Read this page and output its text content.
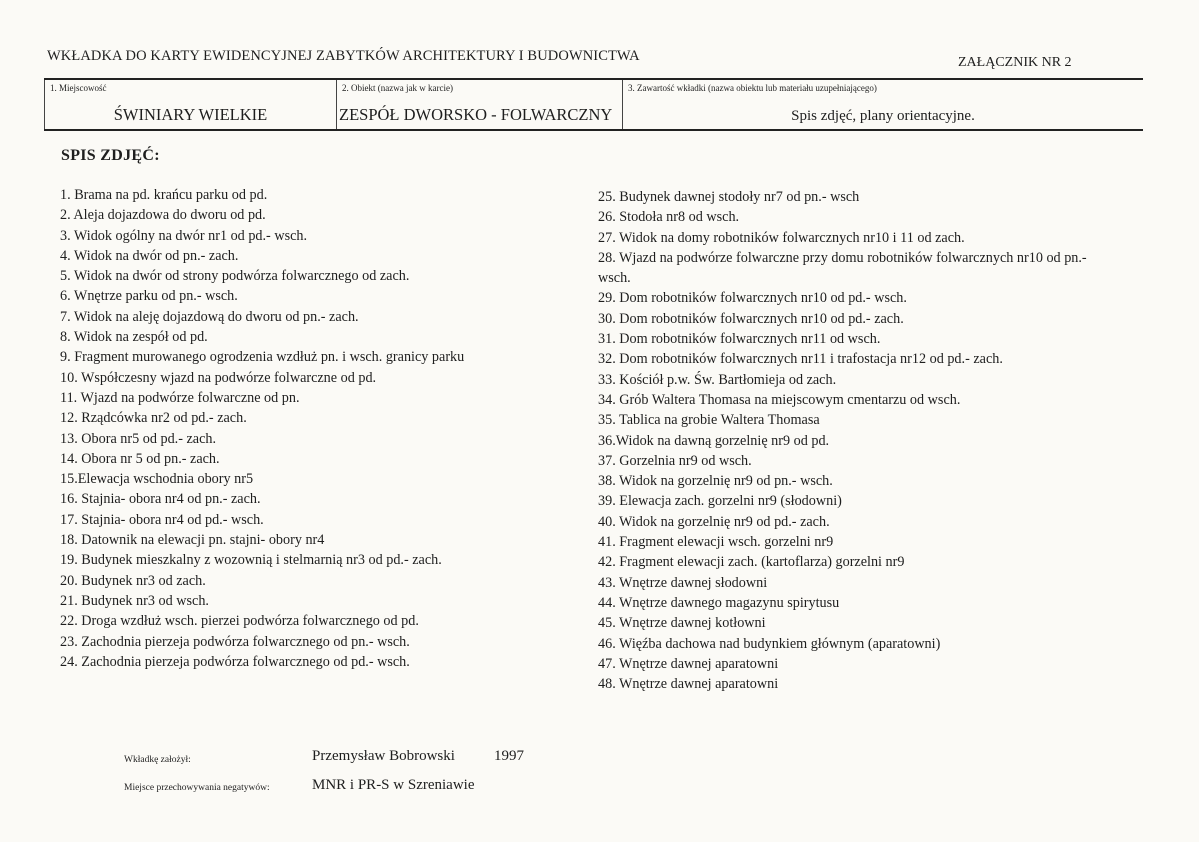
WKŁADKA DO KARTY EWIDENCYJNEJ ZABYTKÓW ARCHITEKTURY I BUDOWNICTWA	ZAŁĄCZNIK NR 2
1. Miejscowość
ŚWINIARY WIELKIE
2. Obiekt (nazwa jak w karcie)
ZESPÓŁ DWORSKO - FOLWARCZNY
3. Zawartość wkładki (nazwa obiektu lub materiału uzupełniającego)
Spis zdjęć, plany orientacyjne.
SPIS ZDJĘĆ:
1. Brama na pd. krańcu parku od pd.
2. Aleja dojazdowa do dworu od pd.
3. Widok ogólny na dwór nr1 od pd.- wsch.
4. Widok na dwór od pn.- zach.
5. Widok na dwór od strony podwórza folwarcznego od zach.
6. Wnętrze parku od pn.- wsch.
7. Widok na aleję dojazdową do dworu od pn.- zach.
8. Widok na zespół od pd.
9. Fragment murowanego ogrodzenia wzdłuż pn. i wsch. granicy parku
10. Współczesny wjazd na podwórze folwarczne od pd.
11. Wjazd na podwórze folwarczne od pn.
12. Rządcówka nr2 od pd.- zach.
13. Obora nr5 od pd.- zach.
14. Obora nr 5 od pn.- zach.
15.Elewacja wschodnia obory nr5
16. Stajnia- obora nr4 od pn.- zach.
17. Stajnia- obora nr4 od pd.- wsch.
18. Datownik na elewacji pn. stajni- obory nr4
19. Budynek mieszkalny z wozownią i stelmarnią nr3 od pd.- zach.
20. Budynek nr3 od zach.
21. Budynek nr3 od wsch.
22. Droga wzdłuż wsch. pierzei podwórza folwarcznego od pd.
23. Zachodnia pierzeja podwórza folwarcznego od pn.- wsch.
24. Zachodnia pierzeja podwórza folwarcznego od pd.- wsch.
25. Budynek dawnej stodoły nr7 od pn.- wsch
26. Stodoła nr8 od wsch.
27. Widok na domy robotników folwarcznych nr10 i 11 od zach.
28. Wjazd na podwórze folwarczne przy domu robotników folwarcznych nr10 od pn.- wsch.
29. Dom robotników folwarcznych nr10 od pd.- wsch.
30. Dom robotników folwarcznych nr10 od pd.- zach.
31. Dom robotników folwarcznych nr11 od wsch.
32. Dom robotników folwarcznych nr11 i trafostacja nr12 od pd.- zach.
33. Kościół p.w. Św. Bartłomieja od zach.
34. Grób Waltera Thomasa na miejscowym cmentarzu od wsch.
35. Tablica na grobie Waltera Thomasa
36.Widok na dawną gorzelnię nr9 od pd.
37. Gorzelnia nr9 od wsch.
38. Widok na gorzelnię nr9 od pn.- wsch.
39. Elewacja zach. gorzelni nr9 (słodowni)
40. Widok na gorzelnię nr9 od pd.- zach.
41. Fragment elewacji wsch. gorzelni nr9
42. Fragment elewacji zach. (kartoflarza) gorzelni nr9
43. Wnętrze dawnej słodowni
44. Wnętrze dawnego magazynu spirytusu
45. Wnętrze dawnej kotłowni
46. Więźba dachowa nad budynkiem głównym (aparatowni)
47. Wnętrze dawnej aparatowni
48. Wnętrze dawnej aparatowni
Wkładkę założył:	Przemysław Bobrowski	1997
Miejsce przechowywania negatywów:	MNR i PR-S w Szreniawie
